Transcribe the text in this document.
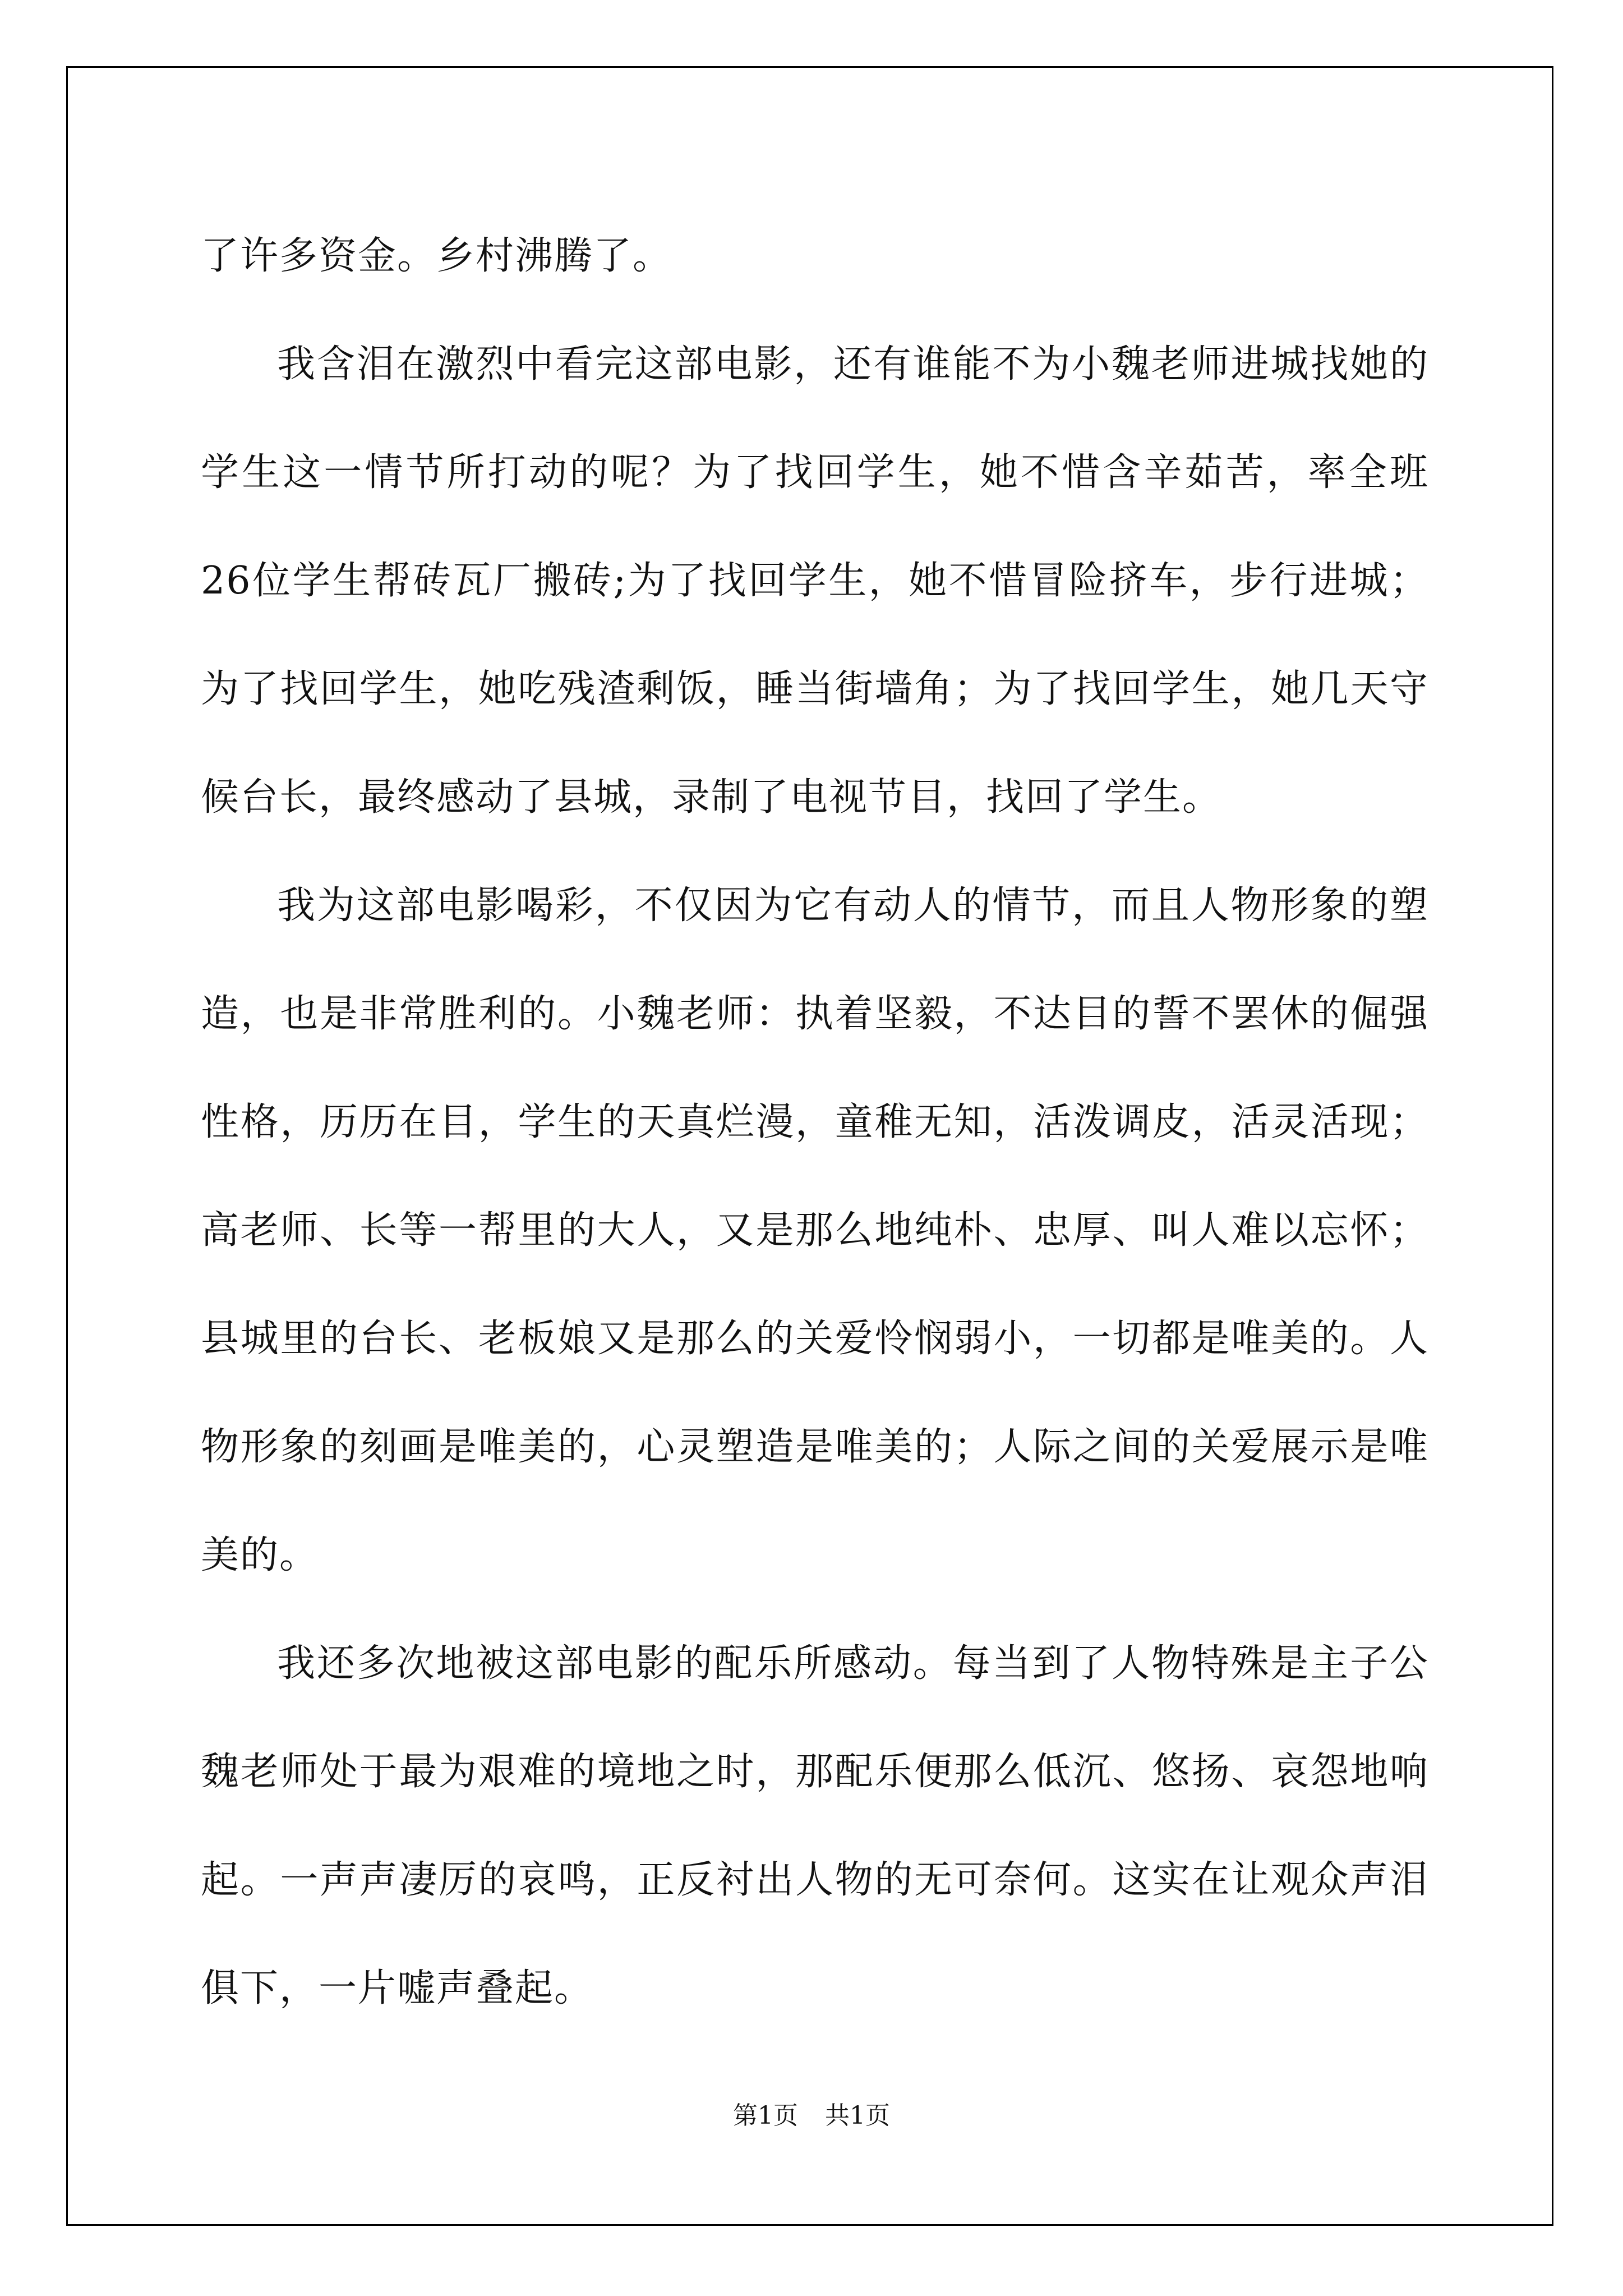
了许多资金。乡村沸腾了。

我含泪在激烈中看完这部电影，还有谁能不为小魏老师进城找她的学生这一情节所打动的呢？为了找回学生，她不惜含辛茹苦，率全班26位学生帮砖瓦厂搬砖;为了找回学生，她不惜冒险挤车，步行进城；为了找回学生，她吃残渣剩饭，睡当街墙角；为了找回学生，她几天守候台长，最终感动了县城，录制了电视节目，找回了学生。

我为这部电影喝彩，不仅因为它有动人的情节，而且人物形象的塑造，也是非常胜利的。小魏老师：执着坚毅，不达目的誓不罢休的倔强性格，历历在目，学生的天真烂漫，童稚无知，活泼调皮，活灵活现；高老师、长等一帮里的大人，又是那么地纯朴、忠厚、叫人难以忘怀；县城里的台长、老板娘又是那么的关爱怜悯弱小，一切都是唯美的。人物形象的刻画是唯美的，心灵塑造是唯美的；人际之间的关爱展示是唯美的。

我还多次地被这部电影的配乐所感动。每当到了人物特殊是主子公魏老师处于最为艰难的境地之时，那配乐便那么低沉、悠扬、哀怨地响起。一声声凄厉的哀鸣，正反衬出人物的无可奈何。这实在让观众声泪俱下，一片嘘声叠起。

第1页 共1页
